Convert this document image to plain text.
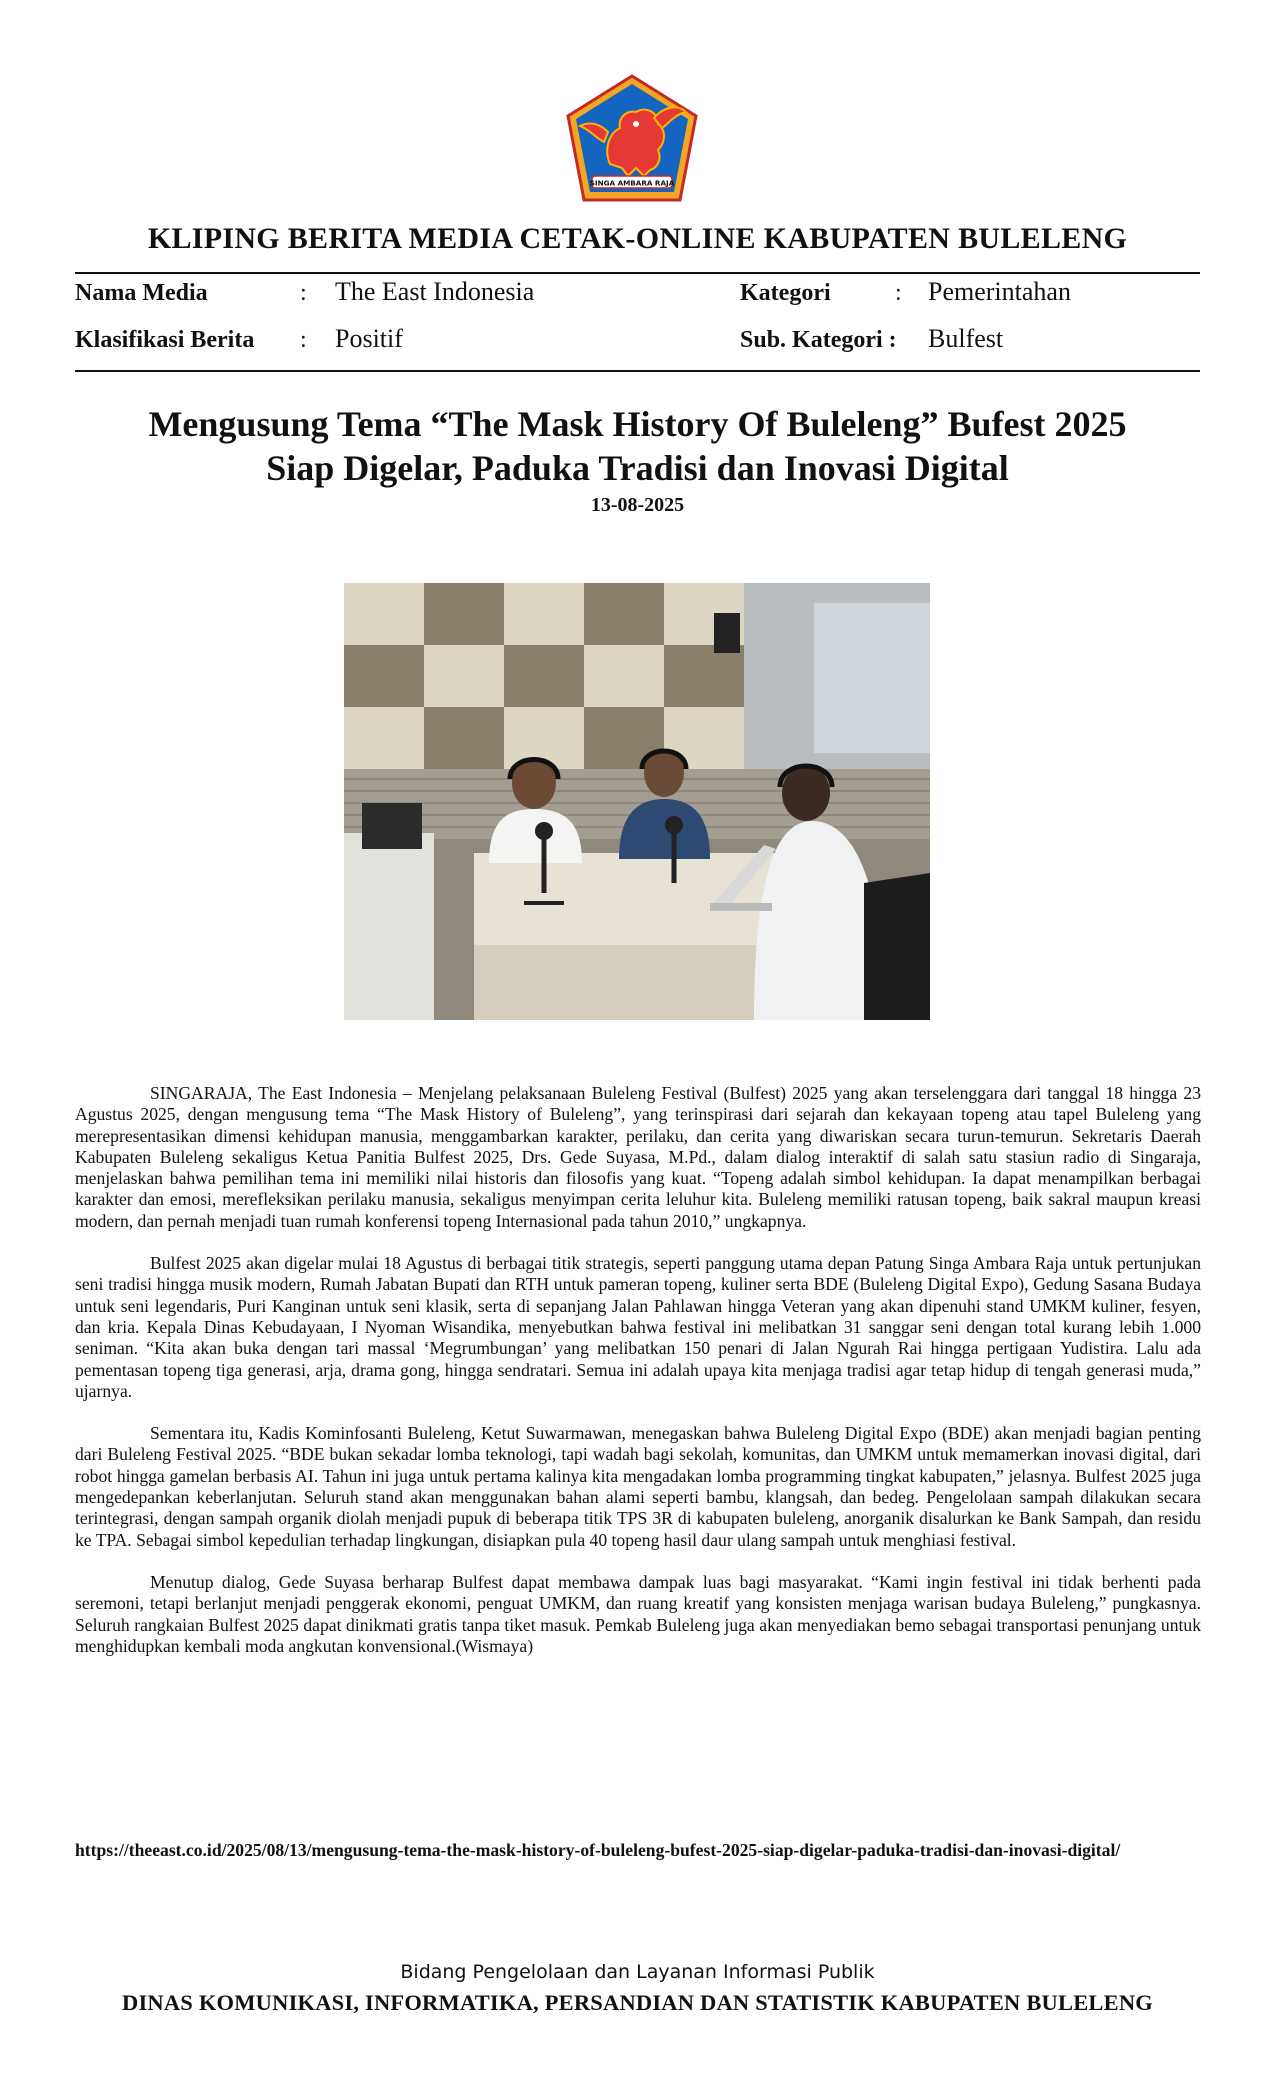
SINGA AMBARA RAJA
KLIPING BERITA MEDIA CETAK-ONLINE KABUPATEN BULELENG
Nama Media	: The East Indonesia
Klasifikasi Berita : Positif
Kategori	: Pemerintahan
Sub. Kategori : Bulfest
Mengusung Tema “The Mask History Of Buleleng” Bufest 2025
Siap Digelar, Paduka Tradisi dan Inovasi Digital
13-08-2025

SINGARAJA, The East Indonesia – Menjelang pelaksanaan Buleleng Festival (Bulfest) 2025 yang akan terselenggara dari tanggal 18 hingga 23 Agustus 2025, dengan mengusung tema “The Mask History of Buleleng”, yang terinspirasi dari sejarah dan kekayaan topeng atau tapel Buleleng yang merepresentasikan dimensi kehidupan manusia, menggambarkan karakter, perilaku, dan cerita yang diwariskan secara turun-temurun. Sekretaris Daerah Kabupaten Buleleng sekaligus Ketua Panitia Bulfest 2025, Drs. Gede Suyasa, M.Pd., dalam dialog interaktif di salah satu stasiun radio di Singaraja, menjelaskan bahwa pemilihan tema ini memiliki nilai historis dan filosofis yang kuat. “Topeng adalah simbol kehidupan. Ia dapat menampilkan berbagai karakter dan emosi, merefleksikan perilaku manusia, sekaligus menyimpan cerita leluhur kita. Buleleng memiliki ratusan topeng, baik sakral maupun kreasi modern, dan pernah menjadi tuan rumah konferensi topeng Internasional pada tahun 2010,” ungkapnya.

Bulfest 2025 akan digelar mulai 18 Agustus di berbagai titik strategis, seperti panggung utama depan Patung Singa Ambara Raja untuk pertunjukan seni tradisi hingga musik modern, Rumah Jabatan Bupati dan RTH untuk pameran topeng, kuliner serta BDE (Buleleng Digital Expo), Gedung Sasana Budaya untuk seni legendaris, Puri Kanginan untuk seni klasik, serta di sepanjang Jalan Pahlawan hingga Veteran yang akan dipenuhi stand UMKM kuliner, fesyen, dan kria. Kepala Dinas Kebudayaan, I Nyoman Wisandika, menyebutkan bahwa festival ini melibatkan 31 sanggar seni dengan total kurang lebih 1.000 seniman. “Kita akan buka dengan tari massal ‘Megrumbungan’ yang melibatkan 150 penari di Jalan Ngurah Rai hingga pertigaan Yudistira. Lalu ada pementasan topeng tiga generasi, arja, drama gong, hingga sendratari. Semua ini adalah upaya kita menjaga tradisi agar tetap hidup di tengah generasi muda,” ujarnya.

Sementara itu, Kadis Kominfosanti Buleleng, Ketut Suwarmawan, menegaskan bahwa Buleleng Digital Expo (BDE) akan menjadi bagian penting dari Buleleng Festival 2025. “BDE bukan sekadar lomba teknologi, tapi wadah bagi sekolah, komunitas, dan UMKM untuk memamerkan inovasi digital, dari robot hingga gamelan berbasis AI. Tahun ini juga untuk pertama kalinya kita mengadakan lomba programming tingkat kabupaten,” jelasnya. Bulfest 2025 juga mengedepankan keberlanjutan. Seluruh stand akan menggunakan bahan alami seperti bambu, klangsah, dan bedeg. Pengelolaan sampah dilakukan secara terintegrasi, dengan sampah organik diolah menjadi pupuk di beberapa titik TPS 3R di kabupaten buleleng, anorganik disalurkan ke Bank Sampah, dan residu ke TPA. Sebagai simbol kepedulian terhadap lingkungan, disiapkan pula 40 topeng hasil daur ulang sampah untuk menghiasi festival.

Menutup dialog, Gede Suyasa berharap Bulfest dapat membawa dampak luas bagi masyarakat. “Kami ingin festival ini tidak berhenti pada seremoni, tetapi berlanjut menjadi penggerak ekonomi, penguat UMKM, dan ruang kreatif yang konsisten menjaga warisan budaya Buleleng,” pungkasnya. Seluruh rangkaian Bulfest 2025 dapat dinikmati gratis tanpa tiket masuk. Pemkab Buleleng juga akan menyediakan bemo sebagai transportasi penunjang untuk menghidupkan kembali moda angkutan konvensional.(Wismaya)

https://theeast.co.id/2025/08/13/mengusung-tema-the-mask-history-of-buleleng-bufest-2025-siap-digelar-paduka-tradisi-dan-inovasi-digital/
Bidang Pengelolaan dan Layanan Informasi Publik
DINAS KOMUNIKASI, INFORMATIKA, PERSANDIAN DAN STATISTIK KABUPATEN BULELENG
